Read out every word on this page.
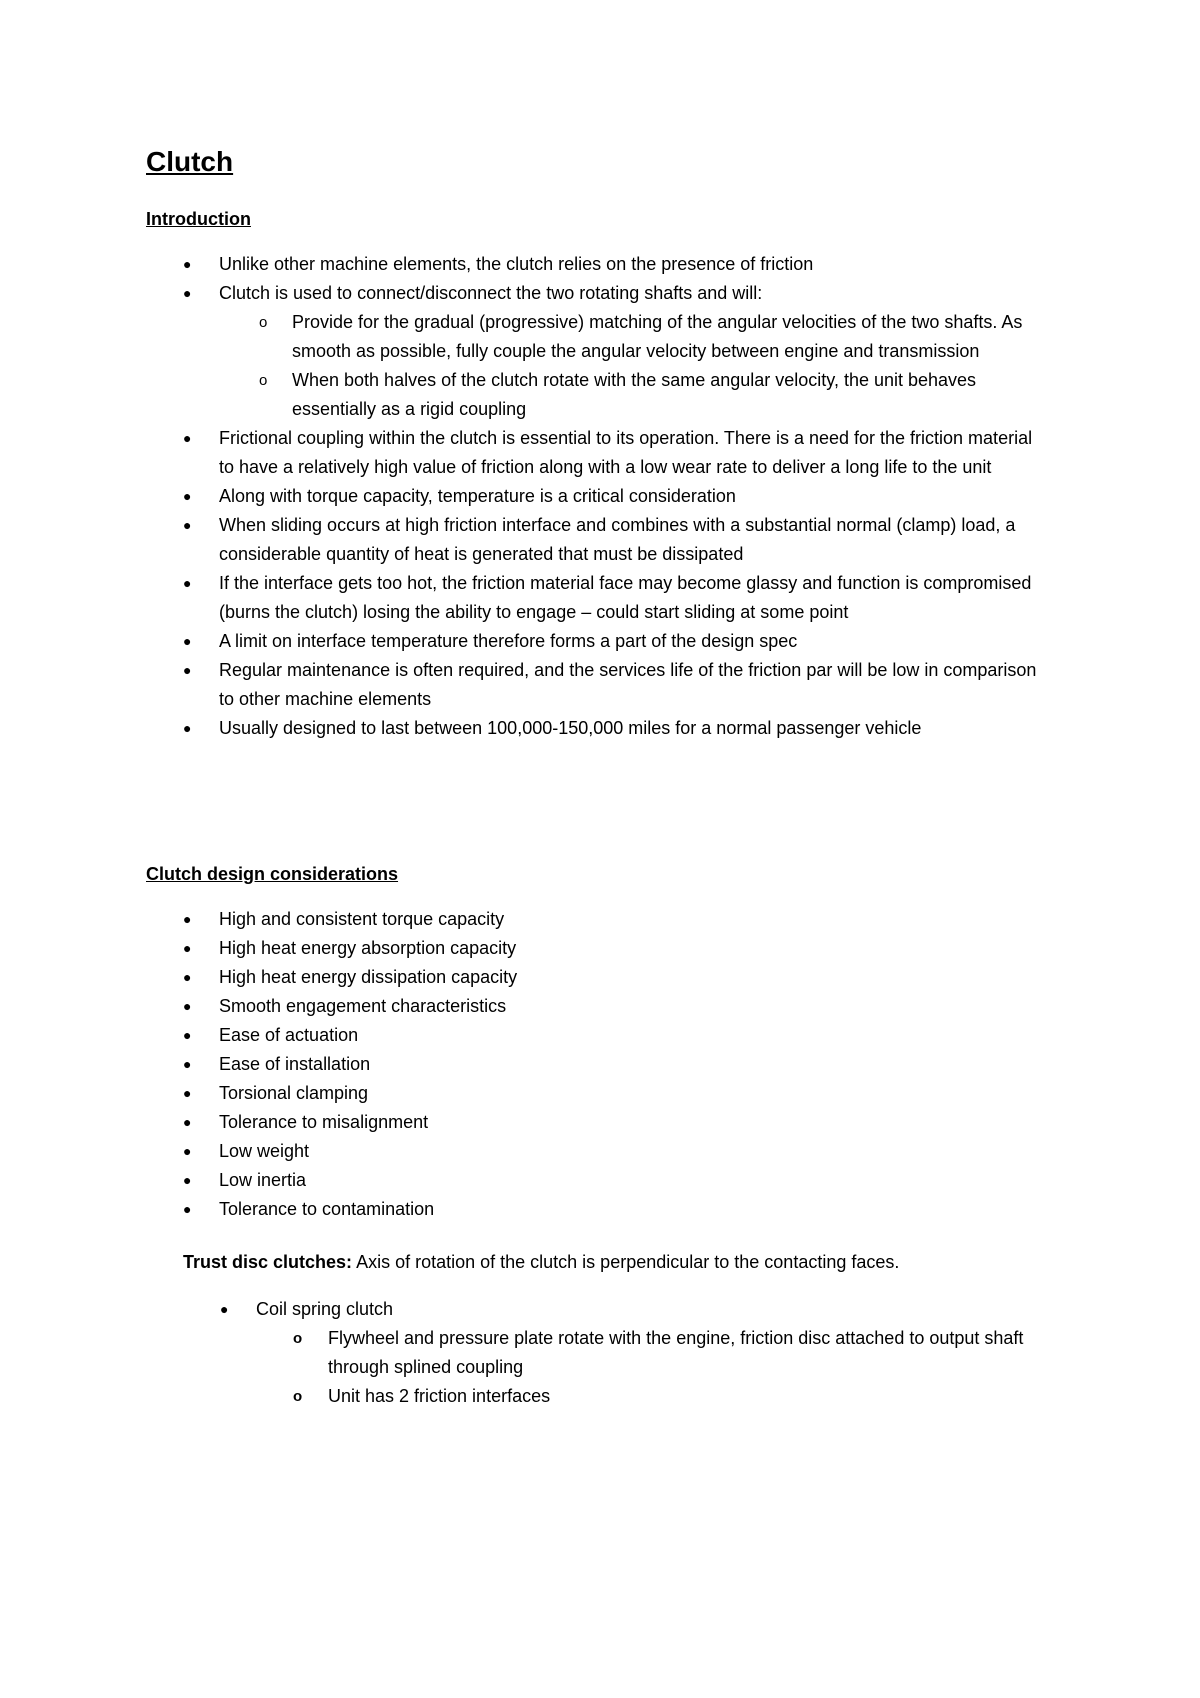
Clutch
Introduction
● Unlike other machine elements, the clutch relies on the presence of friction
● Clutch is used to connect/disconnect the two rotating shafts and will:
o Provide for the gradual (progressive) matching of the angular velocities of the two shafts. As smooth as possible, fully couple the angular velocity between engine and transmission
o When both halves of the clutch rotate with the same angular velocity, the unit behaves essentially as a rigid coupling
● Frictional coupling within the clutch is essential to its operation. There is a need for the friction material to have a relatively high value of friction along with a low wear rate to deliver a long life to the unit
● Along with torque capacity, temperature is a critical consideration
● When sliding occurs at high friction interface and combines with a substantial normal (clamp) load, a considerable quantity of heat is generated that must be dissipated
● If the interface gets too hot, the friction material face may become glassy and function is compromised (burns the clutch) losing the ability to engage – could start sliding at some point
● A limit on interface temperature therefore forms a part of the design spec
● Regular maintenance is often required, and the services life of the friction par will be low in comparison to other machine elements
● Usually designed to last between 100,000-150,000 miles for a normal passenger vehicle
Clutch design considerations
● High and consistent torque capacity
● High heat energy absorption capacity
● High heat energy dissipation capacity
● Smooth engagement characteristics
● Ease of actuation
● Ease of installation
● Torsional clamping
● Tolerance to misalignment
● Low weight
● Low inertia
● Tolerance to contamination

Trust disc clutches: Axis of rotation of the clutch is perpendicular to the contacting faces.

● Coil spring clutch
o Flywheel and pressure plate rotate with the engine, friction disc attached to output shaft through splined coupling
o Unit has 2 friction interfaces
